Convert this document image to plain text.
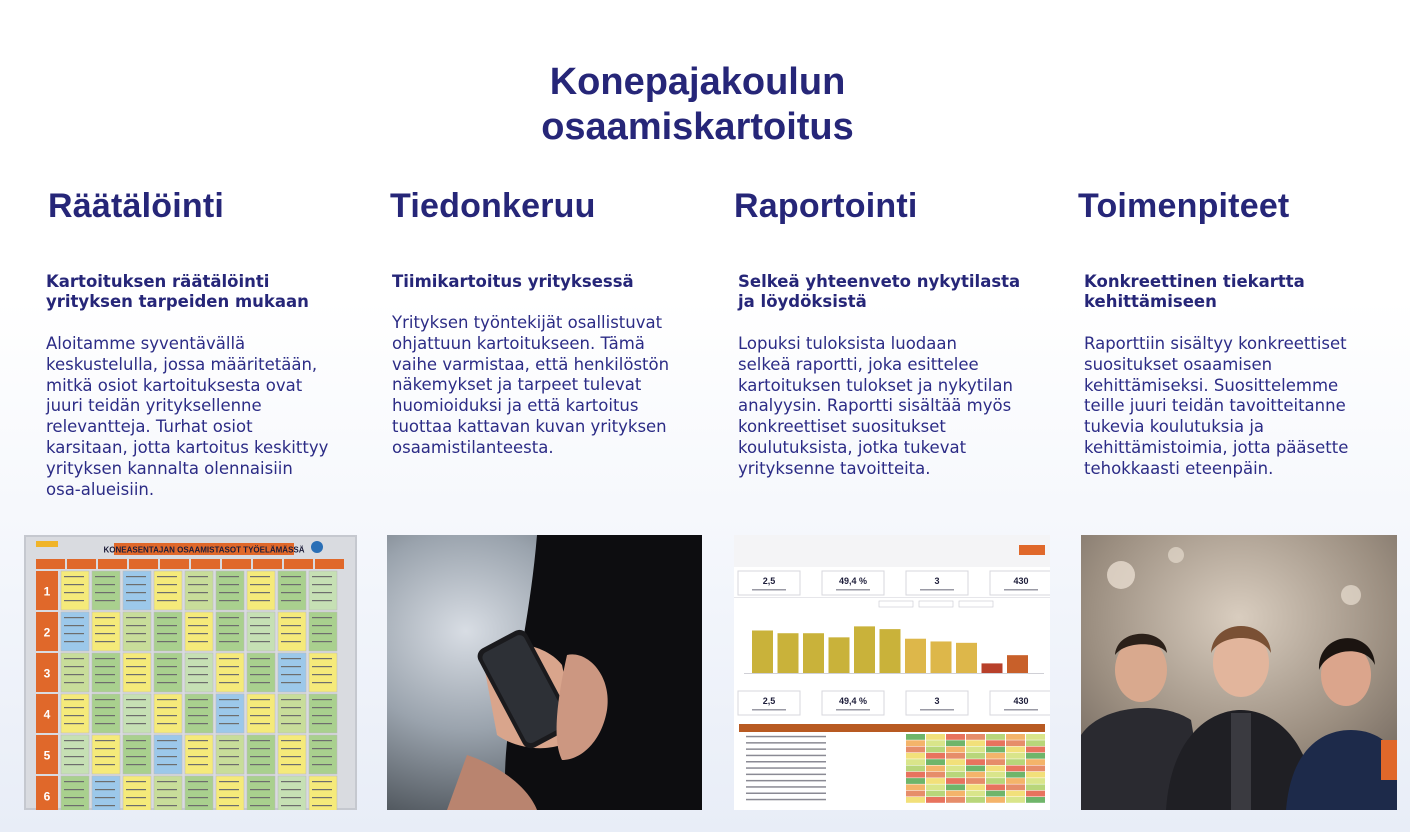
Konepajakoulun
osaamiskartoitus
Räätälöinti
Kartoituksen räätälöinti
yrityksen tarpeiden mukaan

Aloitamme syventävällä
keskustelulla, jossa määritetään,
mitkä osiot kartoituksesta ovat
juuri teidän yrityksellenne
relevantteja. Turhat osiot
karsitaan, jotta kartoitus keskittyy
yrityksen kannalta olennaisiin
osa-alueisiin.

Tiedonkeruu
Tiimikartoitus yrityksessä

Yrityksen työntekijät osallistuvat
ohjattuun kartoitukseen. Tämä
vaihe varmistaa, että henkilöstön
näkemykset ja tarpeet tulevat
huomioiduksi ja että kartoitus
tuottaa kattavan kuvan yrityksen
osaamistilanteesta.

Raportointi
Selkeä yhteenveto nykytilasta
ja löydöksistä

Lopuksi tuloksista luodaan
selkeä raportti, joka esittelee
kartoituksen tulokset ja nykytilan
analyysin. Raportti sisältää myös
konkreettiset suositukset
koulutuksista, jotka tukevat
yrityksenne tavoitteita.

Toimenpiteet
Konkreettinen tiekartta
kehittämiseen

Raporttiin sisältyy konkreettiset
suositukset osaamisen
kehittämiseksi. Suosittelemme
teille juuri teidän tavoitteitanne
tukevia koulutuksia ja
kehittämistoimia, jotta pääsette
tehokkaasti eteenpäin.

KONEASENTAJAN OSAAMISTASOT TYÖELÄMÄSSÄ
1
2
3
4
5
6
2,5	49,4 %	3	430
2,5	49,4 %	3	430
